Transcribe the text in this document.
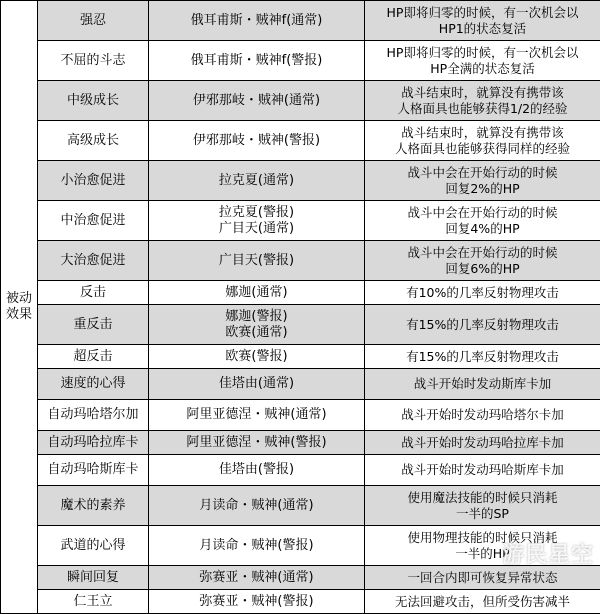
被动
效果	强忍	俄耳甫斯・贼神f(通常)	HP即将归零的时候，有一次机会以
HP1的状态复活

	不屈的斗志	俄耳甫斯・贼神f(警报)	HP即将归零的时候，有一次机会以
HP全满的状态复活

	中级成长	伊邪那岐・贼神(通常)	战斗结束时，就算没有携带该
人格面具也能够获得1/2的经验

	高级成长	伊邪那岐・贼神(警报)	战斗结束时，就算没有携带该
人格面具也能够获得同样的经验

	小治愈促进	拉克夏(通常)	战斗中会在开始行动的时候
回复2%的HP

	中治愈促进	拉克夏(警报)
广目天(通常)	战斗中会在开始行动的时候
回复4%的HP

	大治愈促进	广目天(警报)	战斗中会在开始行动的时候
回复6%的HP

	反击	娜迦(通常)	有10%的几率反射物理攻击

	重反击	娜迦(警报)
欧赛(通常)	有15%的几率反射物理攻击

	超反击	欧赛(警报)	有15%的几率反射物理攻击

	速度的心得	佳塔由(通常)	战斗开始时发动斯库卡加

	自动玛哈塔尔加	阿里亚德涅・贼神(通常)	战斗开始时发动玛哈塔尔卡加

	自动玛哈拉库卡	阿里亚德涅・贼神(警报)	战斗开始时发动玛哈拉库卡加

	自动玛哈斯库卡	佳塔由(警报)	战斗开始时发动玛哈斯库卡加

	魔术的素养	月读命・贼神(通常)	使用魔法技能的时候只消耗
一半的SP

	武道的心得	月读命・贼神(警报)	使用物理技能的时候只消耗
一半的HP

	瞬间回复	弥赛亚・贼神(通常)	一回合内即可恢复异常状态

	仁王立	弥赛亚・贼神(警报)	无法回避攻击，但所受伤害减半
游民星空
